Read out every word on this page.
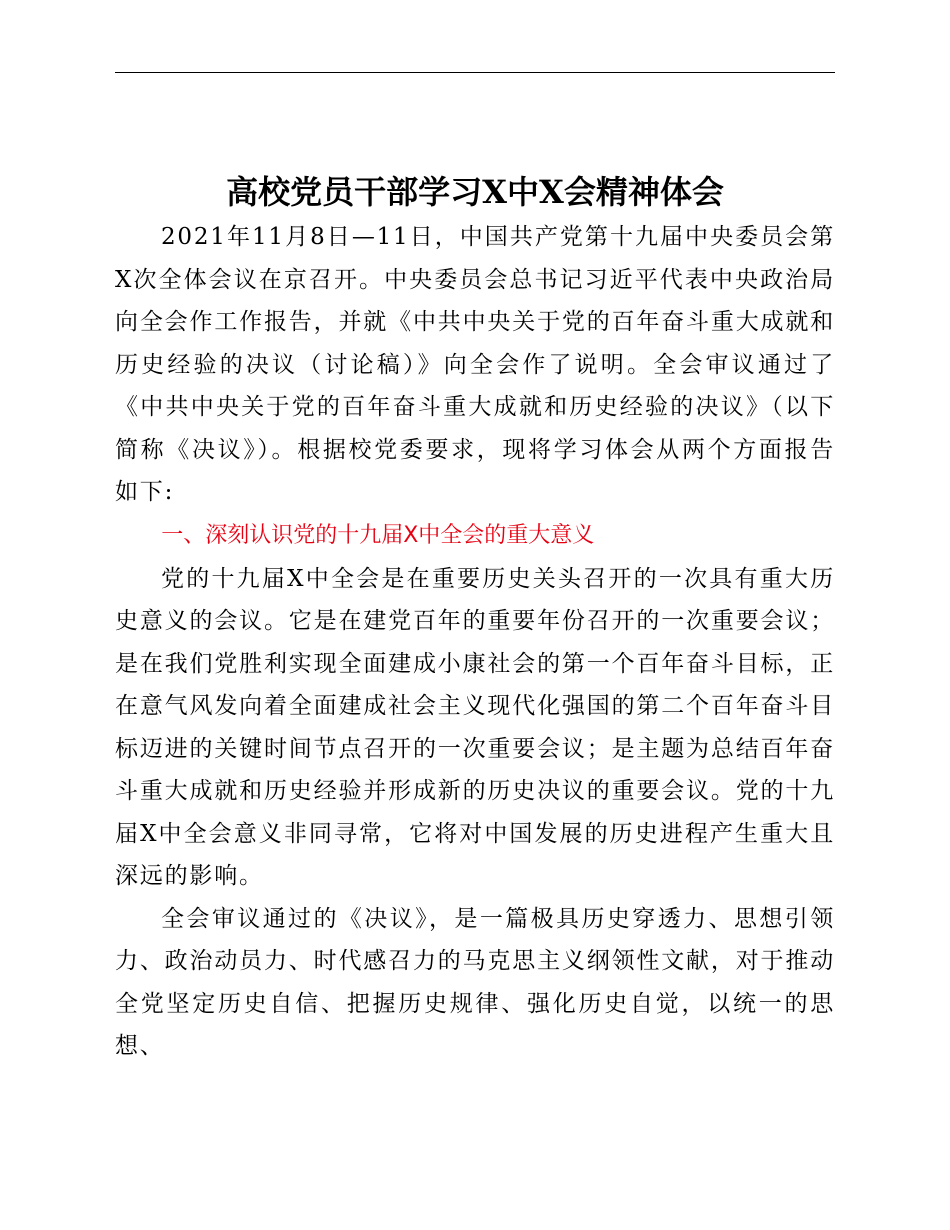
高校党员干部学习X中X会精神体会

2021年11月8日—11日，中国共产党第十九届中央委员会第X次全体会议在京召开。中央委员会总书记习近平代表中央政治局向全会作工作报告，并就《中共中央关于党的百年奋斗重大成就和历史经验的决议（讨论稿）》向全会作了说明。全会审议通过了《中共中央关于党的百年奋斗重大成就和历史经验的决议》（以下简称《决议》）。根据校党委要求，现将学习体会从两个方面报告如下:

一、深刻认识党的十九届X中全会的重大意义

党的十九届X中全会是在重要历史关头召开的一次具有重大历史意义的会议。它是在建党百年的重要年份召开的一次重要会议；是在我们党胜利实现全面建成小康社会的第一个百年奋斗目标，正在意气风发向着全面建成社会主义现代化强国的第二个百年奋斗目标迈进的关键时间节点召开的一次重要会议；是主题为总结百年奋斗重大成就和历史经验并形成新的历史决议的重要会议。党的十九届X中全会意义非同寻常，它将对中国发展的历史进程产生重大且深远的影响。

全会审议通过的《决议》，是一篇极具历史穿透力、思想引领力、政治动员力、时代感召力的马克思主义纲领性文献，对于推动全党坚定历史自信、把握历史规律、强化历史自觉，以统一的思想、
